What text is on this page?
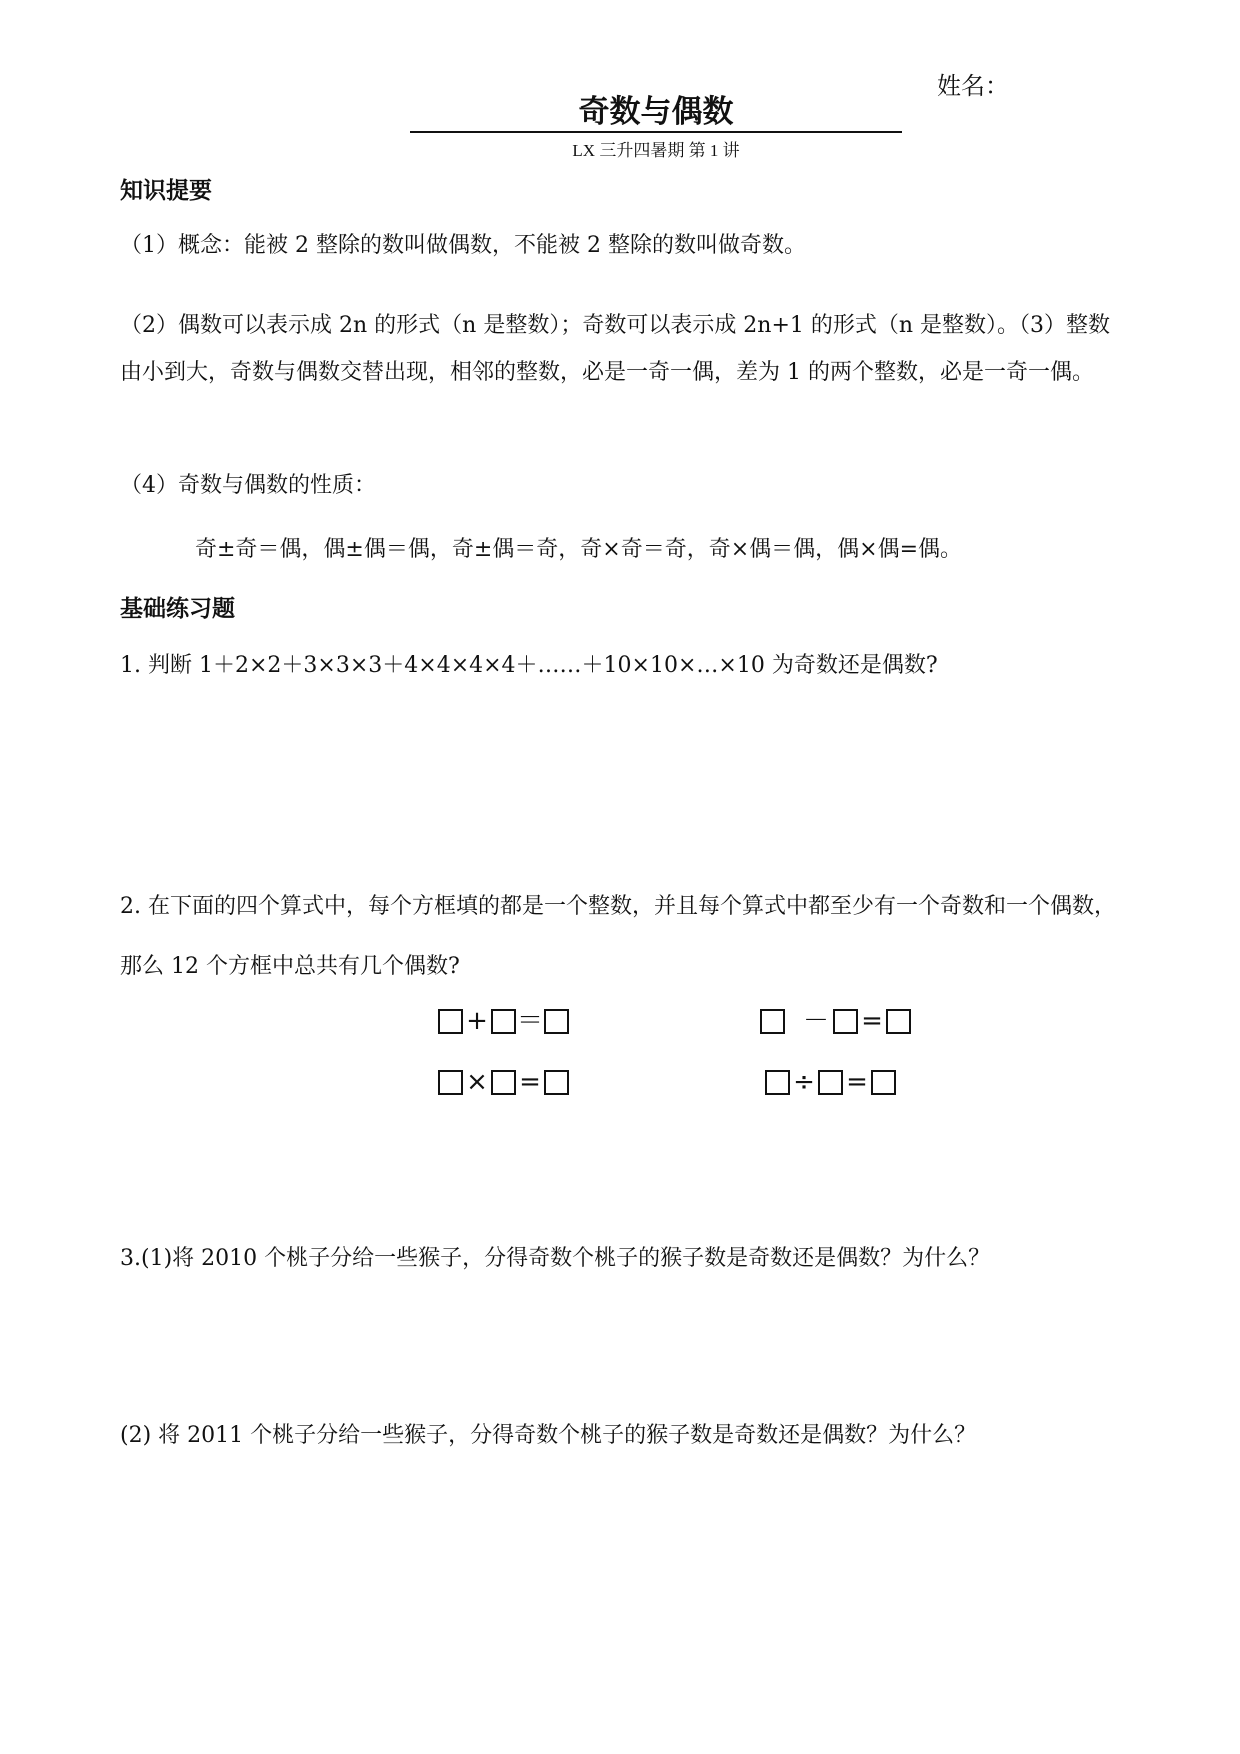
姓名：
奇数与偶数
LX 三升四暑期 第 1 讲
知识提要
（1）概念：能被 2 整除的数叫做偶数，不能被 2 整除的数叫做奇数。
（2）偶数可以表示成 2n 的形式（n 是整数）；奇数可以表示成 2n+1 的形式（n 是整数）。（3）整数由小到大，奇数与偶数交替出现，相邻的整数，必是一奇一偶，差为 1 的两个整数，必是一奇一偶。
（4）奇数与偶数的性质：
奇±奇＝偶，偶±偶＝偶，奇±偶＝奇，奇×奇＝奇，奇×偶＝偶，偶×偶=偶。
基础练习题
1. 判断 1＋2×2＋3×3×3＋4×4×4×4＋……＋10×10×…×10 为奇数还是偶数?
2. 在下面的四个算式中，每个方框填的都是一个整数，并且每个算式中都至少有一个奇数和一个偶数，那么 12 个方框中总共有几个偶数?
+ ＝	－ =
× =	÷ =
3.(1)将 2010 个桃子分给一些猴子，分得奇数个桃子的猴子数是奇数还是偶数？为什么？
(2) 将 2011 个桃子分给一些猴子，分得奇数个桃子的猴子数是奇数还是偶数？为什么？
